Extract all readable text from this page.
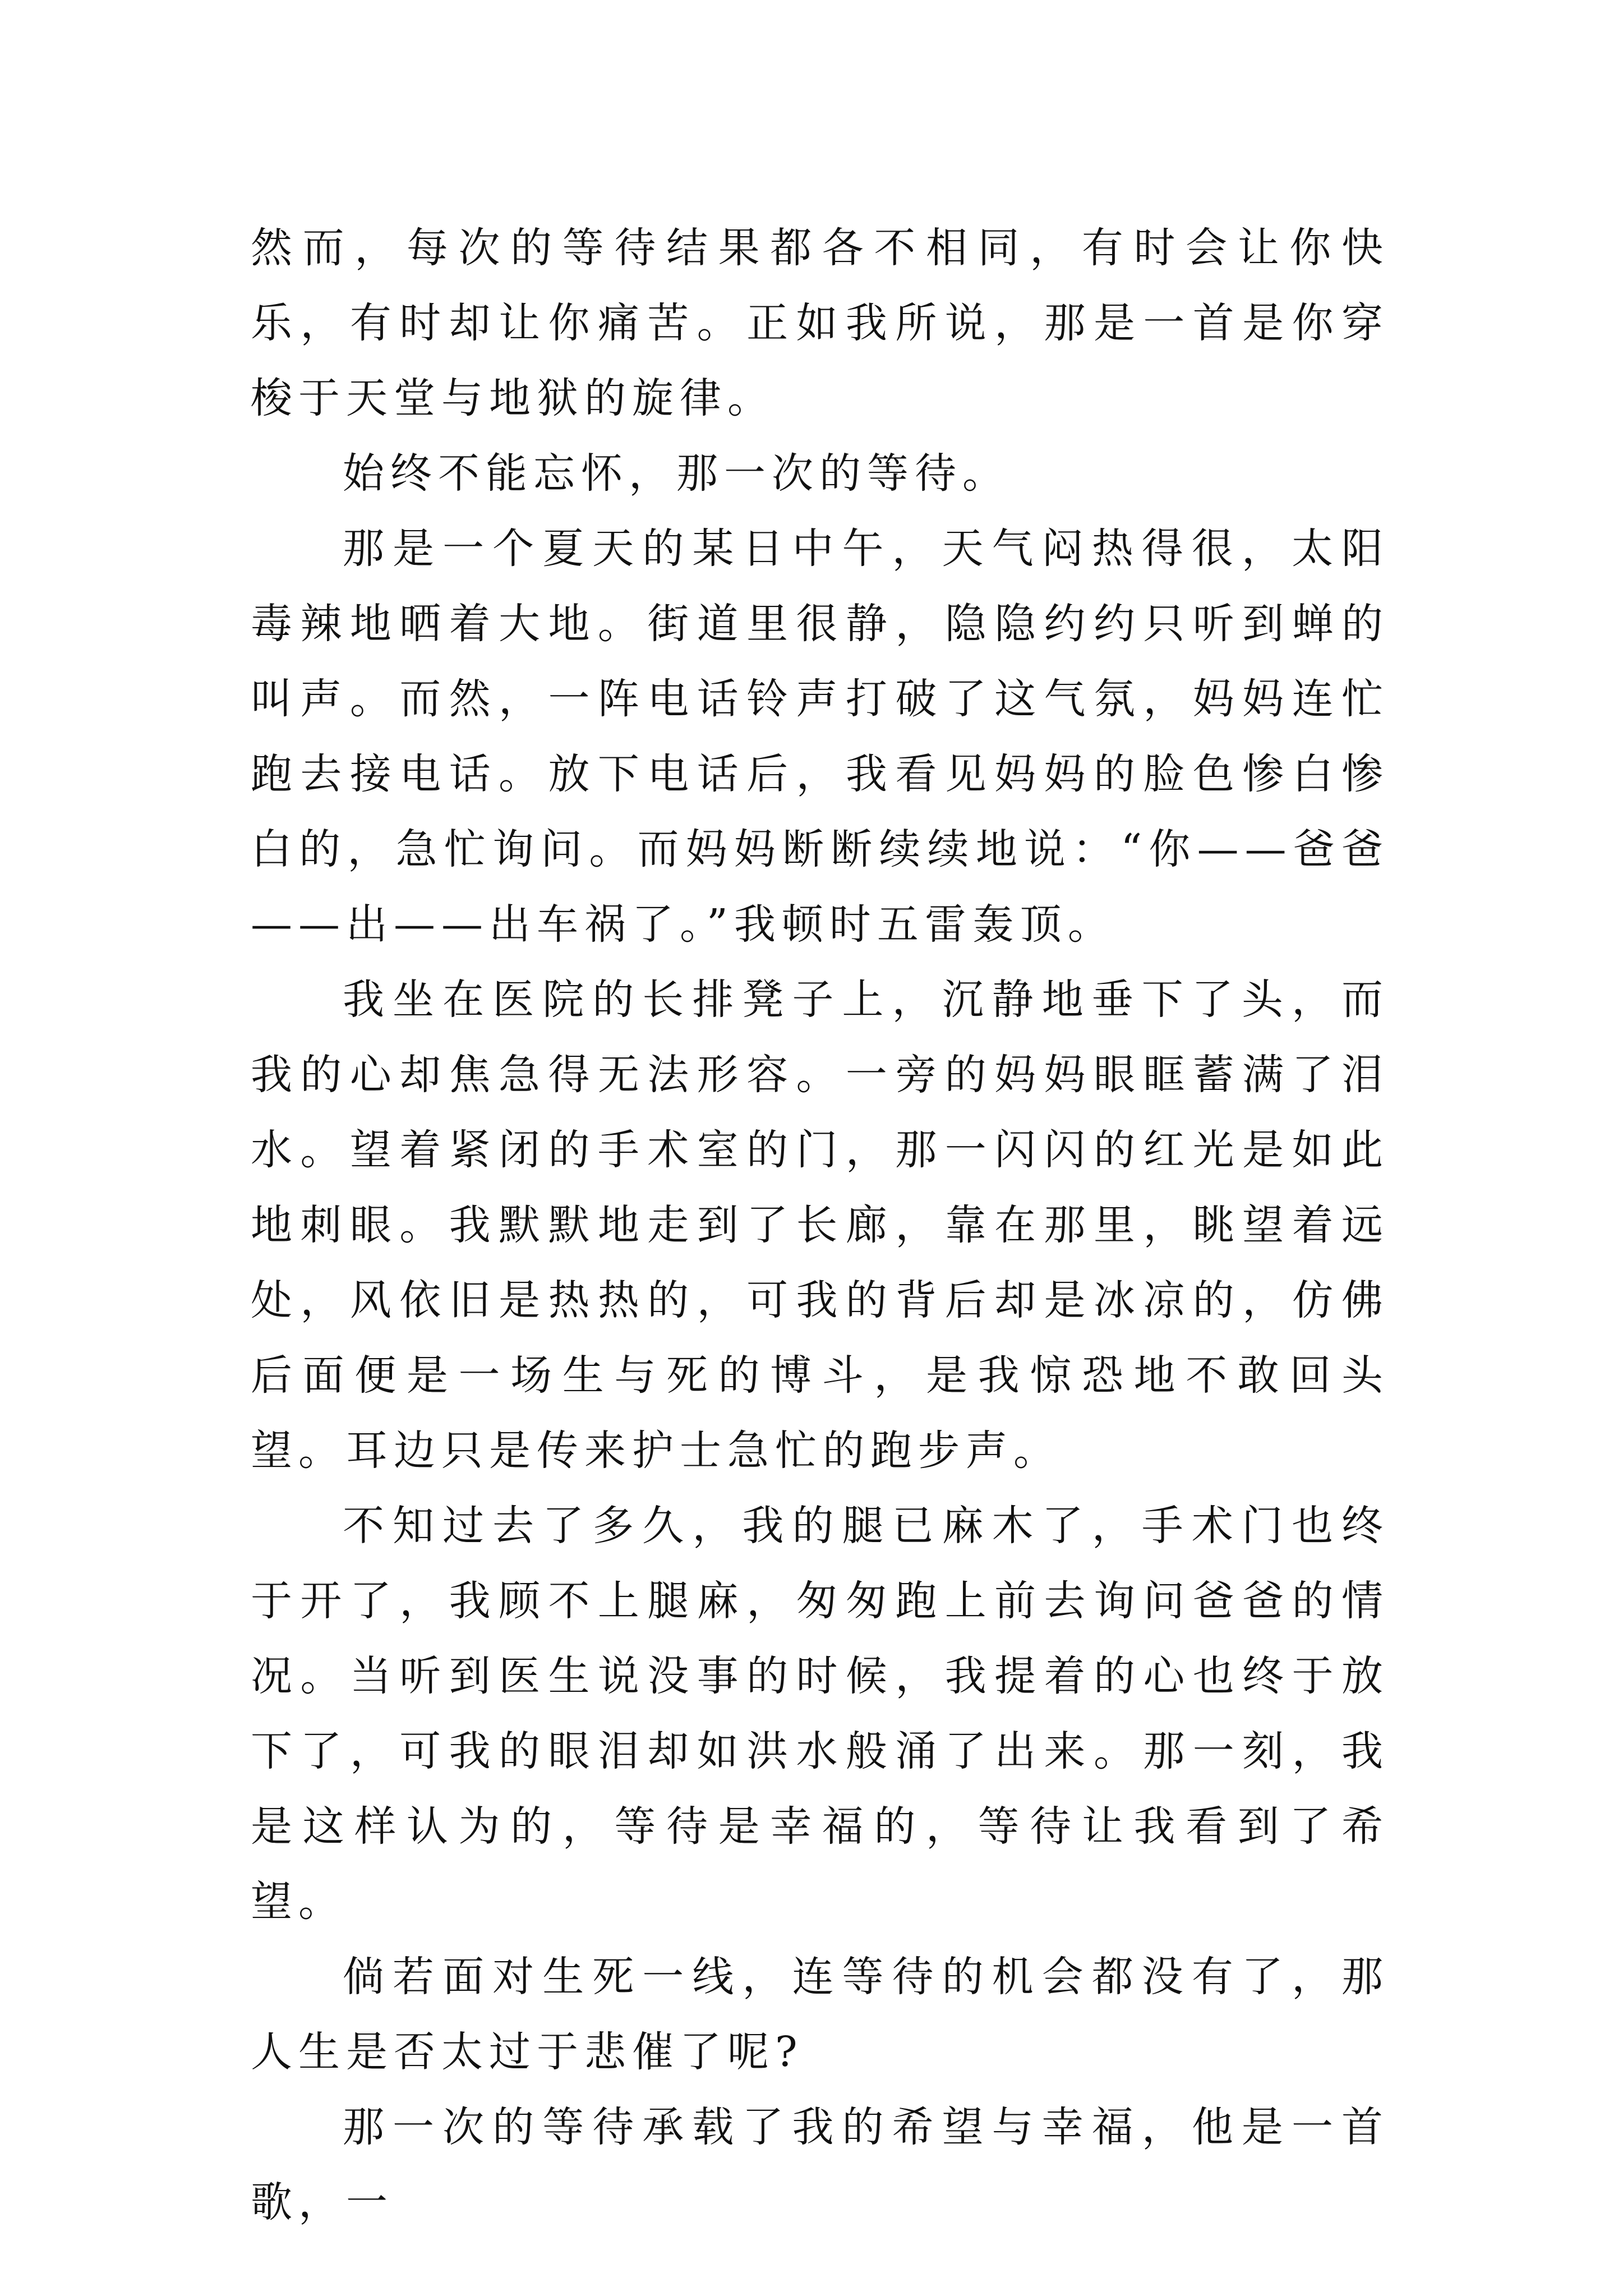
然而，每次的等待结果都各不相同，有时会让你快乐，有时却让你痛苦。正如我所说，那是一首是你穿梭于天堂与地狱的旋律。

始终不能忘怀，那一次的等待。

那是一个夏天的某日中午，天气闷热得很，太阳毒辣地晒着大地。街道里很静，隐隐约约只听到蝉的叫声。而然，一阵电话铃声打破了这气氛，妈妈连忙跑去接电话。放下电话后，我看见妈妈的脸色惨白惨白的，急忙询问。而妈妈断断续续地说：“你——爸爸——出——出车祸了。”我顿时五雷轰顶。

我坐在医院的长排凳子上，沉静地垂下了头，而我的心却焦急得无法形容。一旁的妈妈眼眶蓄满了泪水。望着紧闭的手术室的门，那一闪闪的红光是如此地刺眼。我默默地走到了长廊，靠在那里，眺望着远处，风依旧是热热的，可我的背后却是冰凉的，仿佛后面便是一场生与死的博斗，是我惊恐地不敢回头望。耳边只是传来护士急忙的跑步声。

不知过去了多久，我的腿已麻木了，手术门也终于开了，我顾不上腿麻，匆匆跑上前去询问爸爸的情况。当听到医生说没事的时候，我提着的心也终于放下了，可我的眼泪却如洪水般涌了出来。那一刻，我是这样认为的，等待是幸福的，等待让我看到了希望。

倘若面对生死一线，连等待的机会都没有了，那人生是否太过于悲催了呢?

那一次的等待承载了我的希望与幸福，他是一首歌，一
